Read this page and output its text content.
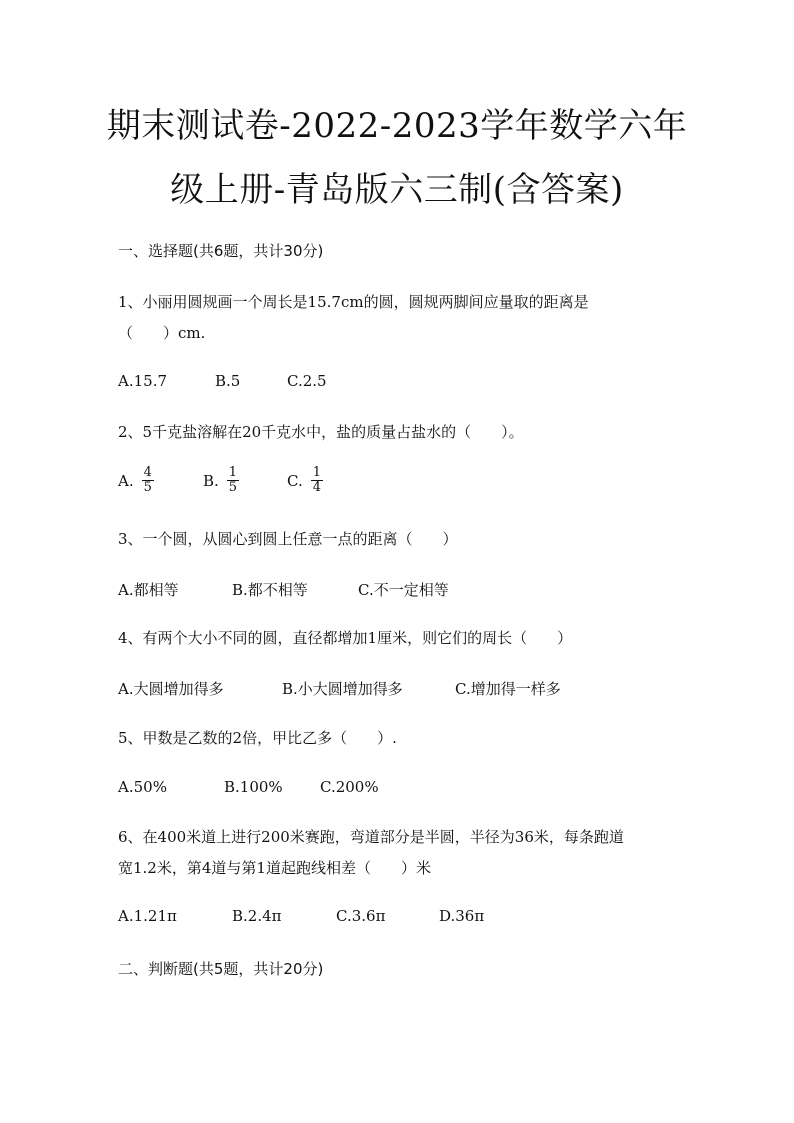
期末测试卷-2022-2023学年数学六年
级上册-青岛版六三制(含答案)
一、选择题(共6题，共计30分)
1、小丽用圆规画一个周长是15.7cm的圆，圆规两脚间应量取的距离是
（　　）cm.
A.15.7	B.5	C.2.5
2、5千克盐溶解在20千克水中，盐的质量占盐水的（　　）。
A. $\frac{4}{5}$	B. $\frac{1}{5}$	C. $\frac{1}{4}$
3、一个圆，从圆心到圆上任意一点的距离（　　）
A.都相等	B.都不相等	C.不一定相等
4、有两个大小不同的圆，直径都增加1厘米，则它们的周长（　　）
A.大圆增加得多	B.小大圆增加得多	C.增加得一样多
5、甲数是乙数的2倍，甲比乙多（　　）.
A.50%	B.100% C.200%
6、在400米道上进行200米赛跑，弯道部分是半圆，半径为36米，每条跑道
宽1.2米，第4道与第1道起跑线相差（　　）米
A.1.21π	B.2.4π	C.3.6π	D.36π
二、判断题(共5题，共计20分)
